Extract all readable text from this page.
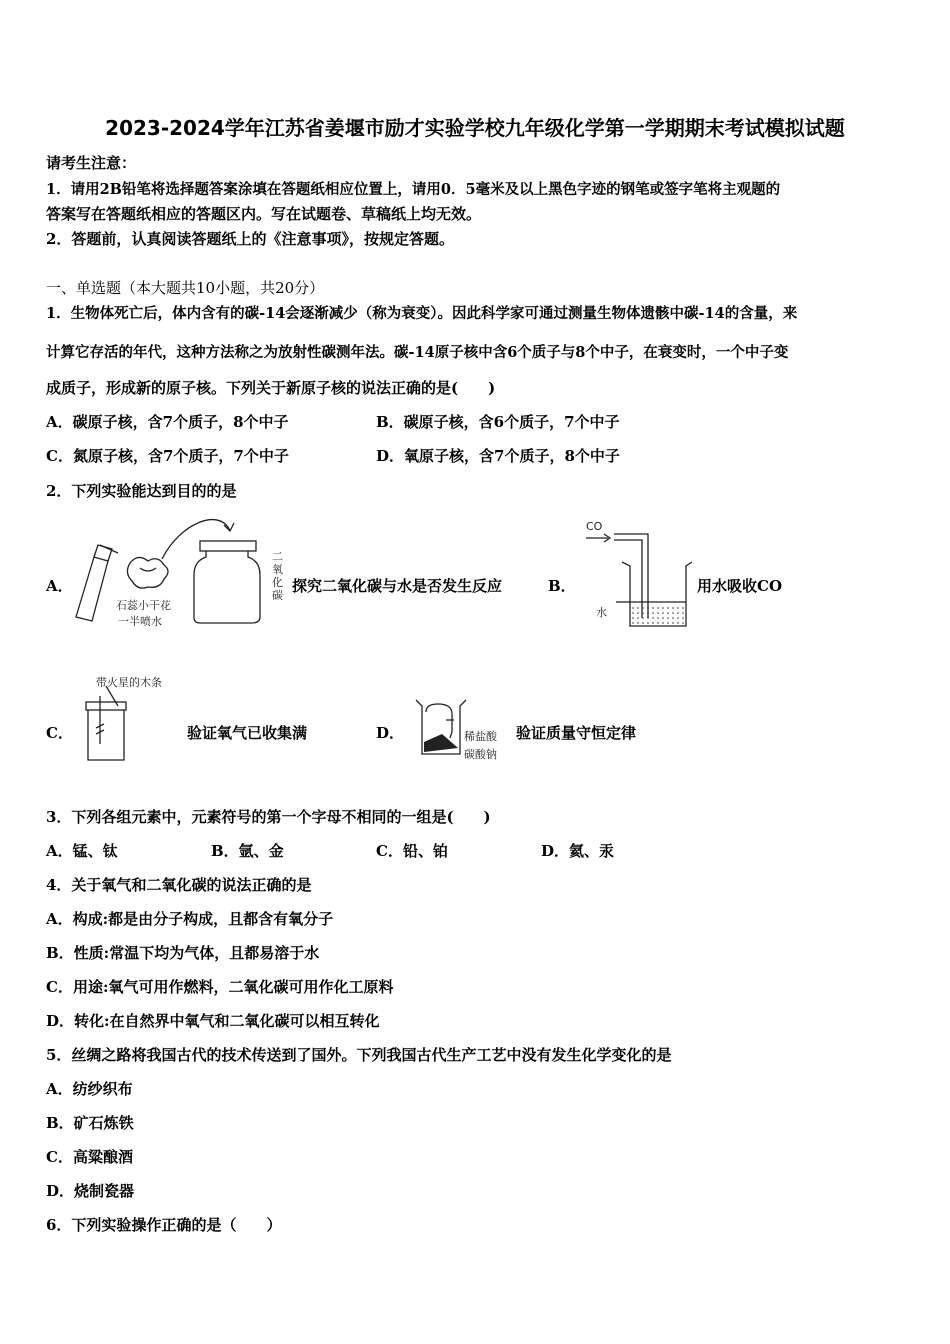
2023-2024学年江苏省姜堰市励才实验学校九年级化学第一学期期末考试模拟试题
请考生注意：
1．请用2B铅笔将选择题答案涂填在答题纸相应位置上，请用0．5毫米及以上黑色字迹的钢笔或签字笔将主观题的
答案写在答题纸相应的答题区内。写在试题卷、草稿纸上均无效。
2．答题前，认真阅读答题纸上的《注意事项》，按规定答题。
一、单选题（本大题共10小题，共20分）
1．生物体死亡后，体内含有的碳-14会逐渐减少（称为衰变）。因此科学家可通过测量生物体遗骸中碳-14的含量，来
计算它存活的年代，这种方法称之为放射性碳测年法。碳-14原子核中含6个质子与8个中子，在衰变时，一个中子变
成质子，形成新的原子核。下列关于新原子核的说法正确的是(　　)
A．碳原子核，含7个质子，8个中子	B．碳原子核，含6个质子，7个中子
C．氮原子核，含7个质子，7个中子	D．氧原子核，含7个质子，8个中子
2．下列实验能达到目的的是
A．
石蕊小干花
一半喷水
二氧化碳
探究二氧化碳与水是否发生反应	B．
CO
水
用水吸收CO
C．
带火星的木条
验证氧气已收集满	D．	稀盐酸
碳酸钠
验证质量守恒定律
3．下列各组元素中，元素符号的第一个字母不相同的一组是(　　)
A．锰、钛	B．氩、金	C．铅、铂	D．氦、汞
4．关于氧气和二氧化碳的说法正确的是
A．构成:都是由分子构成，且都含有氧分子
B．性质:常温下均为气体，且都易溶于水
C．用途:氧气可用作燃料，二氧化碳可用作化工原料
D．转化:在自然界中氧气和二氧化碳可以相互转化
5．丝绸之路将我国古代的技术传送到了国外。下列我国古代生产工艺中没有发生化学变化的是
A．纺纱织布
B．矿石炼铁
C．高粱酿酒
D．烧制瓷器
6．下列实验操作正确的是（　　）
